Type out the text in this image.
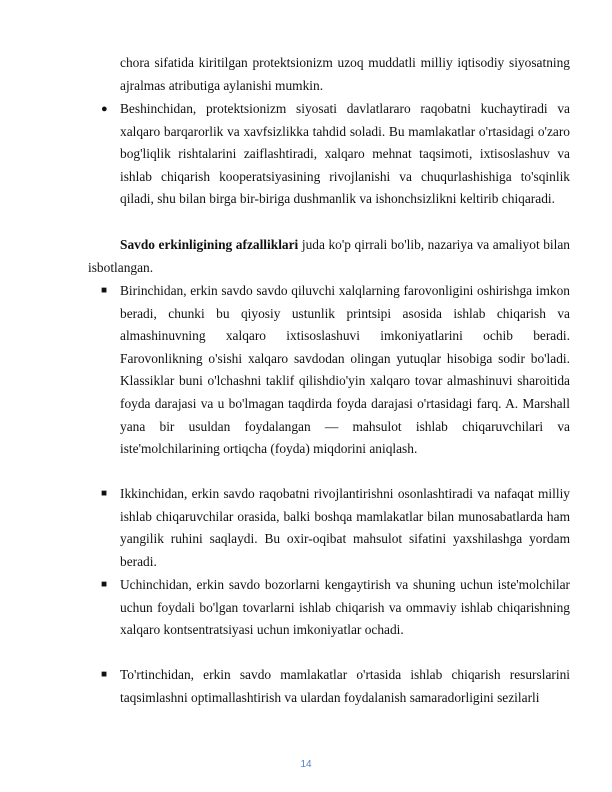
chora sifatida kiritilgan protektsionizm uzoq muddatli milliy iqtisodiy siyosatning ajralmas atributiga aylanishi mumkin.

● Beshinchidan, protektsionizm siyosati davlatlararo raqobatni kuchaytiradi va xalqaro barqarorlik va xavfsizlikka tahdid soladi. Bu mamlakatlar o'rtasidagi o'zaro bog'liqlik rishtalarini zaiflashtiradi, xalqaro mehnat taqsimoti, ixtisoslashuv va ishlab chiqarish kooperatsiyasining rivojlanishi va chuqurlashishiga to'sqinlik qiladi, shu bilan birga bir-biriga dushmanlik va ishonchsizlikni keltirib chiqaradi.

Savdo erkinligining afzalliklari juda ko'p qirrali bo'lib, nazariya va amaliyot bilan isbotlangan.

■ Birinchidan, erkin savdo savdo qiluvchi xalqlarning farovonligini oshirishga imkon beradi, chunki bu qiyosiy ustunlik printsipi asosida ishlab chiqarish va almashinuvning xalqaro ixtisoslashuvi imkoniyatlarini ochib beradi. Farovonlikning o'sishi xalqaro savdodan olingan yutuqlar hisobiga sodir bo'ladi. Klassiklar buni o'lchashni taklif qilishdio'yin xalqaro tovar almashinuvi sharoitida foyda darajasi va u bo'lmagan taqdirda foyda darajasi o'rtasidagi farq. A. Marshall yana bir usuldan foydalangan — mahsulot ishlab chiqaruvchilari va iste'molchilarining ortiqcha (foyda) miqdorini aniqlash.

■ Ikkinchidan, erkin savdo raqobatni rivojlantirishni osonlashtiradi va nafaqat milliy ishlab chiqaruvchilar orasida, balki boshqa mamlakatlar bilan munosabatlarda ham yangilik ruhini saqlaydi. Bu oxir-oqibat mahsulot sifatini yaxshilashga yordam beradi.

■ Uchinchidan, erkin savdo bozorlarni kengaytirish va shuning uchun iste'molchilar uchun foydali bo'lgan tovarlarni ishlab chiqarish va ommaviy ishlab chiqarishning xalqaro kontsentratsiyasi uchun imkoniyatlar ochadi.

■ To'rtinchidan, erkin savdo mamlakatlar o'rtasida ishlab chiqarish resurslarini taqsimlashni optimallashtirish va ulardan foydalanish samaradorligini sezilarli

14
